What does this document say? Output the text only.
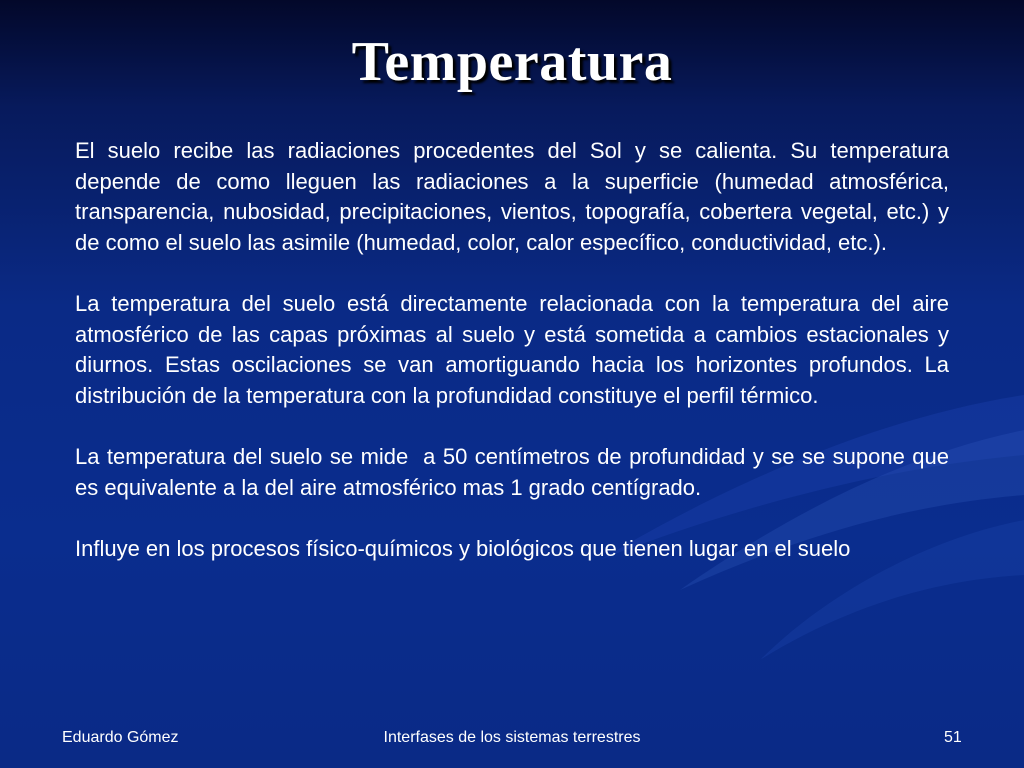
Temperatura

El suelo recibe las radiaciones procedentes del Sol y se calienta. Su temperatura depende de como lleguen las radiaciones a la superficie (humedad atmosférica, transparencia, nubosidad, precipitaciones, vientos, topografía, cobertera vegetal, etc.) y de como el suelo las asimile (humedad, color, calor específico, conductividad, etc.).

La temperatura del suelo está directamente relacionada con la temperatura del aire atmosférico de las capas próximas al suelo y está sometida a cambios estacionales y diurnos. Estas oscilaciones se van amortiguando hacia los horizontes profundos. La distribución de la temperatura con la profundidad constituye el perfil térmico.

La temperatura del suelo se mide  a 50 centímetros de profundidad y se se supone que es equivalente a la del aire atmosférico mas 1 grado centígrado.

Influye en los procesos físico-químicos y biológicos que tienen lugar en el suelo

Eduardo Gómez	Interfases de los sistemas terrestres	51
